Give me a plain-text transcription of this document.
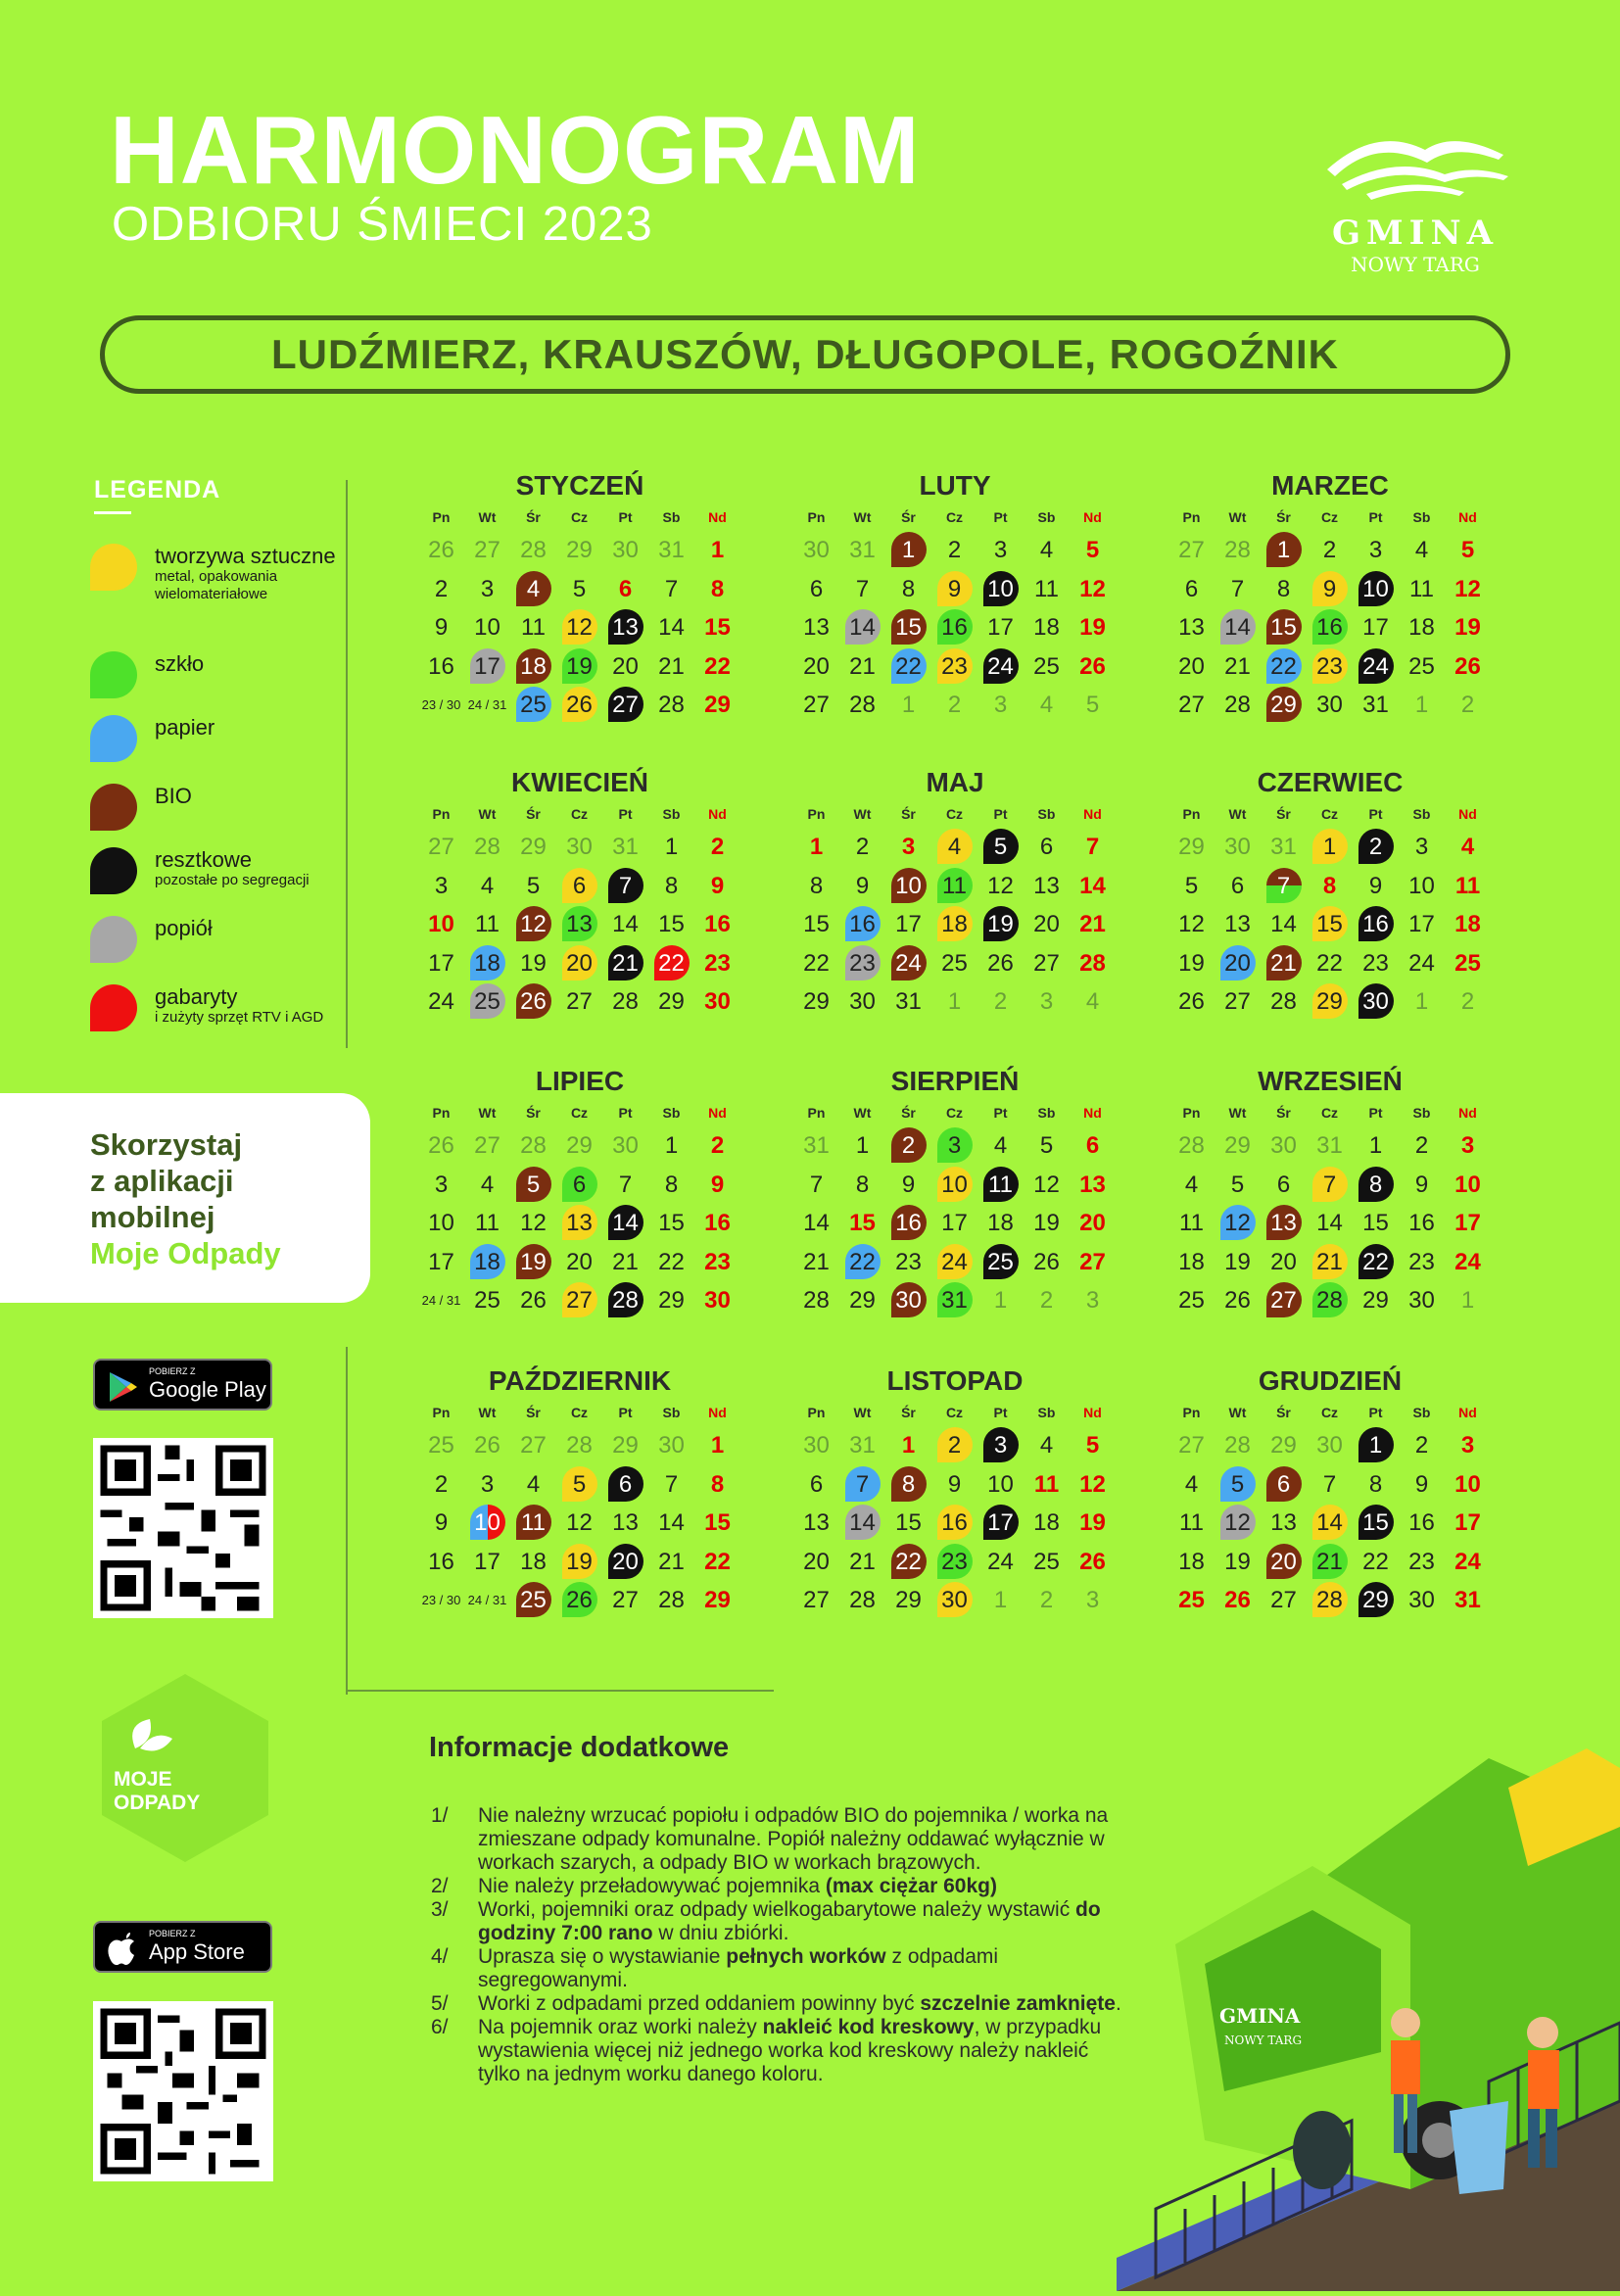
HARMONOGRAM
ODBIORU ŚMIECI 2023	GMINA
NOWY TARG
LUDŹMIERZ, KRAUSZÓW, DŁUGOPOLE, ROGOŹNIK
LEGENDA
tworzywa sztuczne
metal, opakowania wielomateriałowe
szkło
papier
BIO
resztkowe
pozostałe po segregacji
popiół
gabaryty
i zużyty sprzęt RTV i AGD
Skorzystaj
z aplikacji
mobilnej
Moje Odpady
POBIERZ Z
Google Play
MOJE
ODPADY
POBIERZ Z
App Store
STYCZEŃ
Pn	Wt	Śr	Cz	Pt	Sb	Nd
26 27 28 29 30 31	1
2	3	4	5	6	7	8
9	10 11 12 13 14 15
16 17 18 19 20 21 22
23 / 30 24 / 31 25 26 27 28 29
LUTY
Pn	Wt	Śr	Cz	Pt	Sb	Nd
30 31	1	2	3	4	5
6	7	8	9	10 11 12
13 14 15 16 17 18 19
20 21 22 23 24 25 26
27 28	1	2	3	4	5
MARZEC
Pn	Wt	Śr	Cz	Pt	Sb	Nd
27 28	1	2	3	4	5
6	7	8	9	10 11 12
13 14 15 16 17 18 19
20 21 22 23 24 25 26
27 28 29 30 31	1	2
KWIECIEŃ
Pn	Wt	Śr	Cz	Pt	Sb	Nd
27 28 29 30 31	1	2
3	4	5	6	7	8	9
10 11 12 13 14 15 16
17 18 19 20 21 22 23
24 25 26 27 28 29 30
MAJ
Pn	Wt	Śr	Cz	Pt	Sb	Nd
1	2	3	4	5	6	7
8	9	10 11 12 13 14
15 16 17 18 19 20 21
22 23 24 25 26 27 28
29 30 31	1	2	3	4
CZERWIEC
Pn	Wt	Śr	Cz	Pt	Sb	Nd
29 30 31	1	2	3	4
5	6	7	8	9	10 11
12 13 14 15 16 17 18
19 20 21 22 23 24 25
26 27 28 29 30	1	2
LIPIEC
Pn	Wt	Śr	Cz	Pt	Sb	Nd
26 27 28 29 30	1	2
3	4	5	6	7	8	9
10 11 12 13 14 15 16
17 18 19 20 21 22 23
24 / 31 25 26 27 28 29 30
SIERPIEŃ
Pn	Wt	Śr	Cz	Pt	Sb	Nd
31	1	2	3	4	5	6
7	8	9	10 11 12 13
14 15 16 17 18 19 20
21 22 23 24 25 26 27
28 29 30 31	1	2	3
WRZESIEŃ
Pn	Wt	Śr	Cz	Pt	Sb	Nd
28 29 30 31	1	2	3
4	5	6	7	8	9	10
11 12 13 14 15 16 17
18 19 20 21 22 23 24
25 26 27 28 29 30	1
PAŹDZIERNIK
Pn	Wt	Śr	Cz	Pt	Sb	Nd
25 26 27 28 29 30	1
2	3	4	5	6	7	8
9	10 11 12 13 14 15
16 17 18 19 20 21 22
23 / 30 24 / 31 25 26 27 28 29
LISTOPAD
Pn	Wt	Śr	Cz	Pt	Sb	Nd
30 31	1	2	3	4	5
6	7	8	9	10 11 12
13 14 15 16 17 18 19
20 21 22 23 24 25 26
27 28 29 30	1	2	3
GRUDZIEŃ
Pn	Wt	Śr	Cz	Pt	Sb	Nd
27 28 29 30	1	2	3
4	5	6	7	8	9	10
11 12 13 14 15 16 17
18 19 20 21 22 23 24
25 26 27 28 29 30 31
Informacje dodatkowe
1/ Nie należny wrzucać popiołu i odpadów BIO do pojemnika / worka na zmieszane odpady komunalne. Popiół należny oddawać wyłącznie w workach szarych, a odpady BIO w workach brązowych.
2/ Nie należy przeładowywać pojemnika (max ciężar 60kg)
3/ Worki, pojemniki oraz odpady wielkogabarytowe należy wystawić do godziny 7:00 rano w dniu zbiórki.
4/ Uprasza się o wystawianie pełnych worków z odpadami segregowanymi.
5/ Worki z odpadami przed oddaniem powinny być szczelnie zamknięte.
6/ Na pojemnik oraz worki należy nakleić kod kreskowy, w przypadku wystawienia więcej niż jednego worka kod kreskowy należy nakleić tylko na jednym worku danego koloru.
GMINA
NOWY TARG
